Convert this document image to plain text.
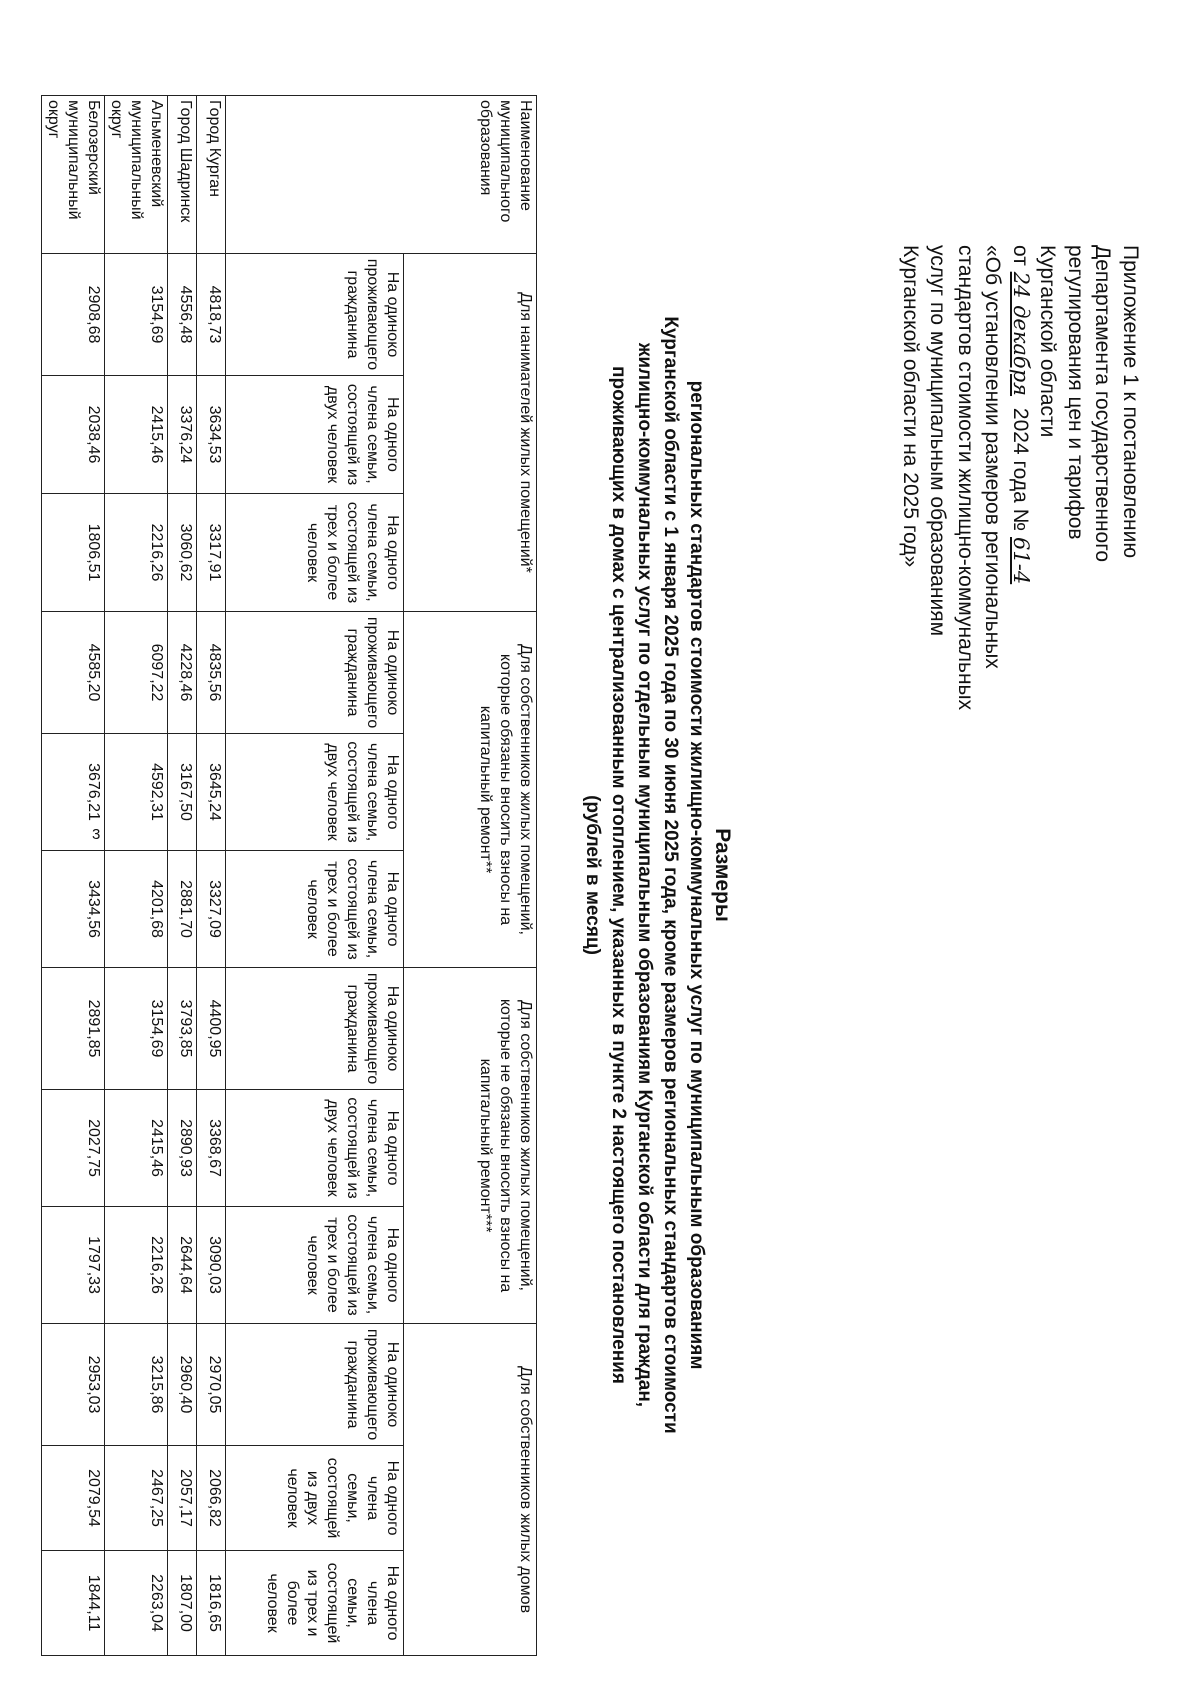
3
Приложение 1 к постановлению
Департамента государственного
регулирования цен и тарифов
Курганской области
от 24 декабря 2024 года № 61-4
«Об установлении размеров региональных
стандартов стоимости жилищно-коммунальных
услуг по муниципальным образованиям
Курганской области на 2025 год»
Размеры
региональных стандартов стоимости жилищно-коммунальных услуг по муниципальным образованиям
Курганской области с 1 января 2025 года по 30 июня 2025 года, кроме размеров региональных стандартов стоимости
жилищно-коммунальных услуг по отдельным муниципальным образованиям Курганской области для граждан,
проживающих в домах с централизованным отоплением, указанных в пункте 2 настоящего постановления
(рублей в месяц)
Наименование муниципального образования	Для нанимателей жилых помещений*			Для собственников жилых помещений, которые обязаны вносить взносы на капитальный ремонт**			Для собственников жилых помещений, которые не обязаны вносить взносы на капитальный ремонт***			Для собственников жилых домов		
	На одиноко проживающего гражданина	На одного члена семьи, состоящей из двух человек	На одного члена семьи, состоящей из трех и более человек	На одиноко проживающего гражданина	На одного члена семьи, состоящей из двух человек	На одного члена семьи, состоящей из трех и более человек	На одиноко проживающего гражданина	На одного члена семьи, состоящей из двух человек	На одного члена семьи, состоящей из трех и более человек	На одиноко проживающего гражданина	На одного члена семьи, состоящей из двух человек	На одного члена семьи, состоящей из трех и более человек
Город Курган	4818,73	3634,53	3317,91	4835,56	3645,24	3327,09	4400,95	3368,67	3090,03	2970,05	2066,82	1816,65
Город Шадринск	4556,48	3376,24	3060,62	4228,46	3167,50	2881,70	3793,85	2890,93	2644,64	2960,40	2057,17	1807,00
Альменевский муниципальный округ	3154,69	2415,46	2216,26	6097,22	4592,31	4201,68	3154,69	2415,46	2216,26	3215,86	2467,25	2263,04
Белозерский муниципальный округ	2908,68	2038,46	1806,51	4585,20	3676,21	3434,56	2891,85	2027,75	1797,33	2953,03	2079,54	1844,11
